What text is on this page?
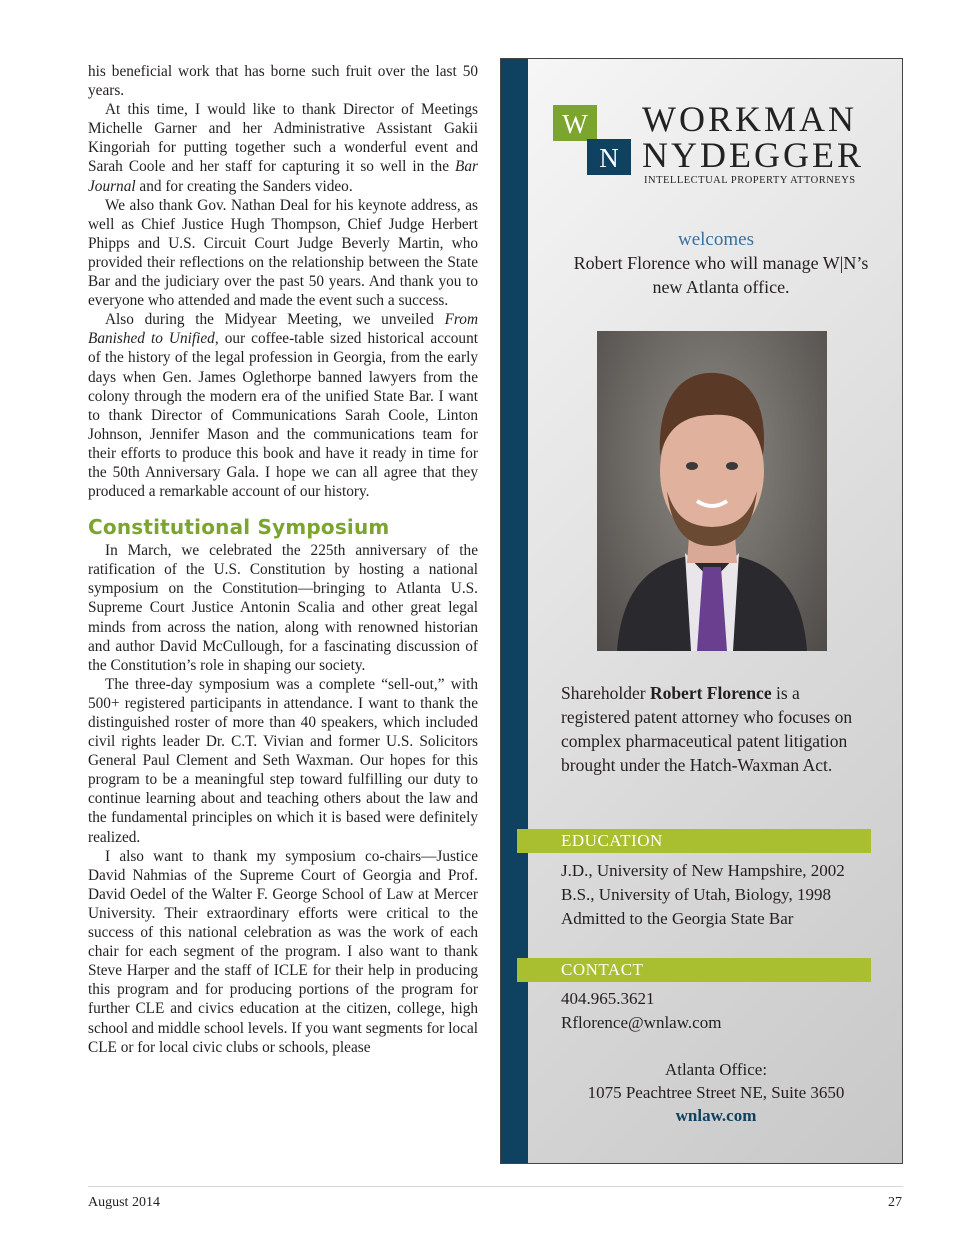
his beneficial work that has borne such fruit over the last 50 years.

At this time, I would like to thank Director of Meetings Michelle Garner and her Administrative Assistant Gakii Kingoriah for putting together such a wonderful event and Sarah Coole and her staff for capturing it so well in the Bar Journal and for creating the Sanders video.

We also thank Gov. Nathan Deal for his keynote address, as well as Chief Justice Hugh Thompson, Chief Judge Herbert Phipps and U.S. Circuit Court Judge Beverly Martin, who provided their reflections on the relationship between the State Bar and the judiciary over the past 50 years. And thank you to everyone who attended and made the event such a success.

Also during the Midyear Meeting, we unveiled From Banished to Unified, our coffee-table sized historical account of the history of the legal profession in Georgia, from the early days when Gen. James Oglethorpe banned lawyers from the colony through the modern era of the unified State Bar. I want to thank Director of Communications Sarah Coole, Linton Johnson, Jennifer Mason and the communications team for their efforts to produce this book and have it ready in time for the 50th Anniversary Gala. I hope we can all agree that they produced a remarkable account of our history.

Constitutional Symposium

In March, we celebrated the 225th anniversary of the ratification of the U.S. Constitution by hosting a national symposium on the Constitution—bringing to Atlanta U.S. Supreme Court Justice Antonin Scalia and other great legal minds from across the nation, along with renowned historian and author David McCullough, for a fascinating discussion of the Constitution’s role in shaping our society.

The three-day symposium was a complete “sell-out,” with 500+ registered participants in attendance. I want to thank the distinguished roster of more than 40 speakers, which included civil rights leader Dr. C.T. Vivian and former U.S. Solicitors General Paul Clement and Seth Waxman. Our hopes for this program to be a meaningful step toward fulfilling our duty to continue learning about and teaching others about the law and the fundamental principles on which it is based were definitely realized.

I also want to thank my symposium co-chairs—Justice David Nahmias of the Supreme Court of Georgia and Prof. David Oedel of the Walter F. George School of Law at Mercer University. Their extraordinary efforts were critical to the success of this national celebration as was the work of each chair for each segment of the program. I also want to thank Steve Harper and the staff of ICLE for their help in producing this program and for producing portions of the program for further CLE and civics education at the citizen, college, high school and middle school levels. If you want segments for local CLE or for local civic clubs or schools, please

W
N
WORKMAN
NYDEGGER
INTELLECTUAL PROPERTY ATTORNEYS
welcomes
Robert Florence who will manage W|N’s new Atlanta office.
Shareholder Robert Florence is a registered patent attorney who focuses on complex pharmaceutical patent litigation brought under the Hatch-Waxman Act.
EDUCATION
J.D., University of New Hampshire, 2002
B.S., University of Utah, Biology, 1998
Admitted to the Georgia State Bar
CONTACT
404.965.3621
Rflorence@wnlaw.com
Atlanta Office:
1075 Peachtree Street NE, Suite 3650
wnlaw.com
August 2014	27
